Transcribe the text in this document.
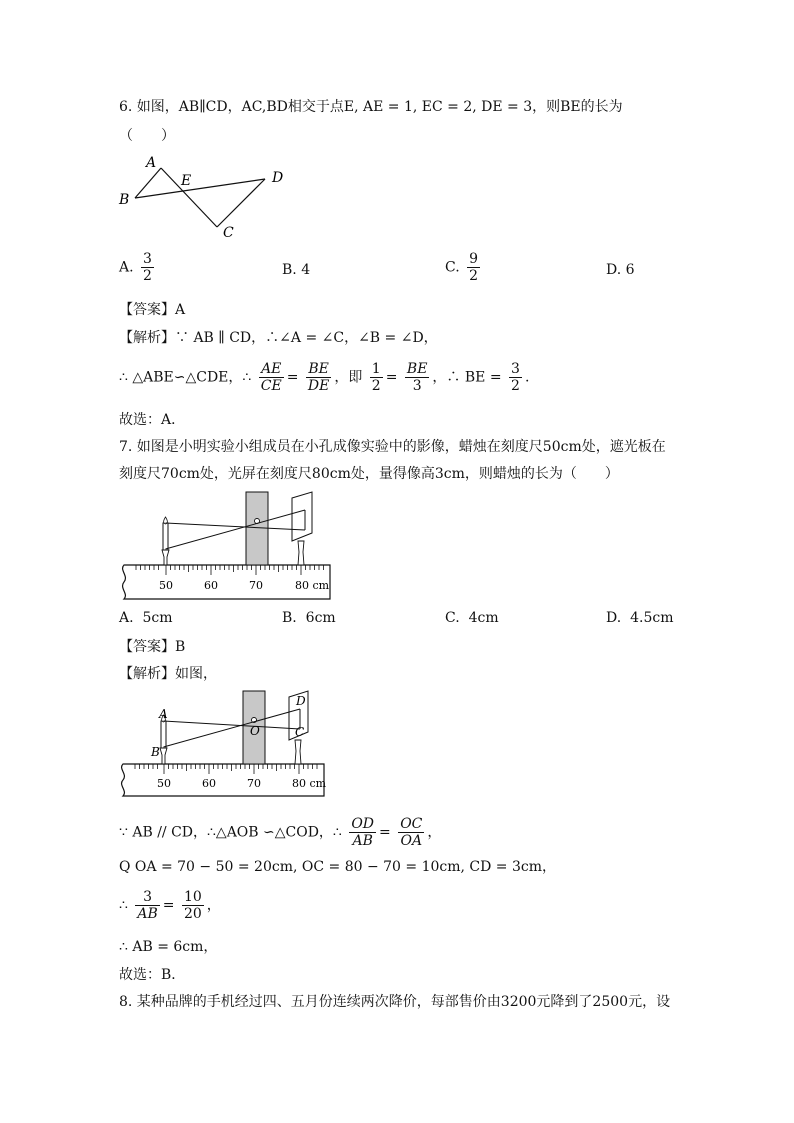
6. 如图，AB∥CD，AC,BD相交于点E, AE = 1, EC = 2, DE = 3，则BE的长为
（　　）
A
B
E	D
C
A. $\frac{3}{2}$	B. 4	C. $\frac{9}{2}$	D. 6
【答案】A
【解析】∵ AB ∥ CD，∴∠A = ∠C，∠B = ∠D，
∴ △ABE∽△CDE，∴ $\frac{AE}{CE} = \frac{BE}{DE}$ ，即 $\frac{1}{2} = \frac{BE}{3}$ ，∴ BE = $\frac{3}{2}$ .
故选：A．
7. 如图是小明实验小组成员在小孔成像实验中的影像，蜡烛在刻度尺50cm处，遮光板在
刻度尺70cm处，光屏在刻度尺80cm处，量得像高3cm，则蜡烛的长为（　　）
50	60	70	80 cm
A. 5cm	B. 6cm	C. 4cm	D. 4.5cm
【答案】B
【解析】如图，
50	60	70	80 cm
A
B
O
D
C
∵ AB // CD，∴△AOB ∽△COD，∴ $\frac{OD}{AB} = \frac{OC}{OA}$ ，
Q OA = 70 − 50 = 20cm, OC = 80 − 70 = 10cm, CD = 3cm，
∴ $\frac{3}{AB} = \frac{10}{20}$ ，
∴ AB = 6cm，
故选：B．
8. 某种品牌的手机经过四、五月份连续两次降价，每部售价由3200元降到了2500元，设
